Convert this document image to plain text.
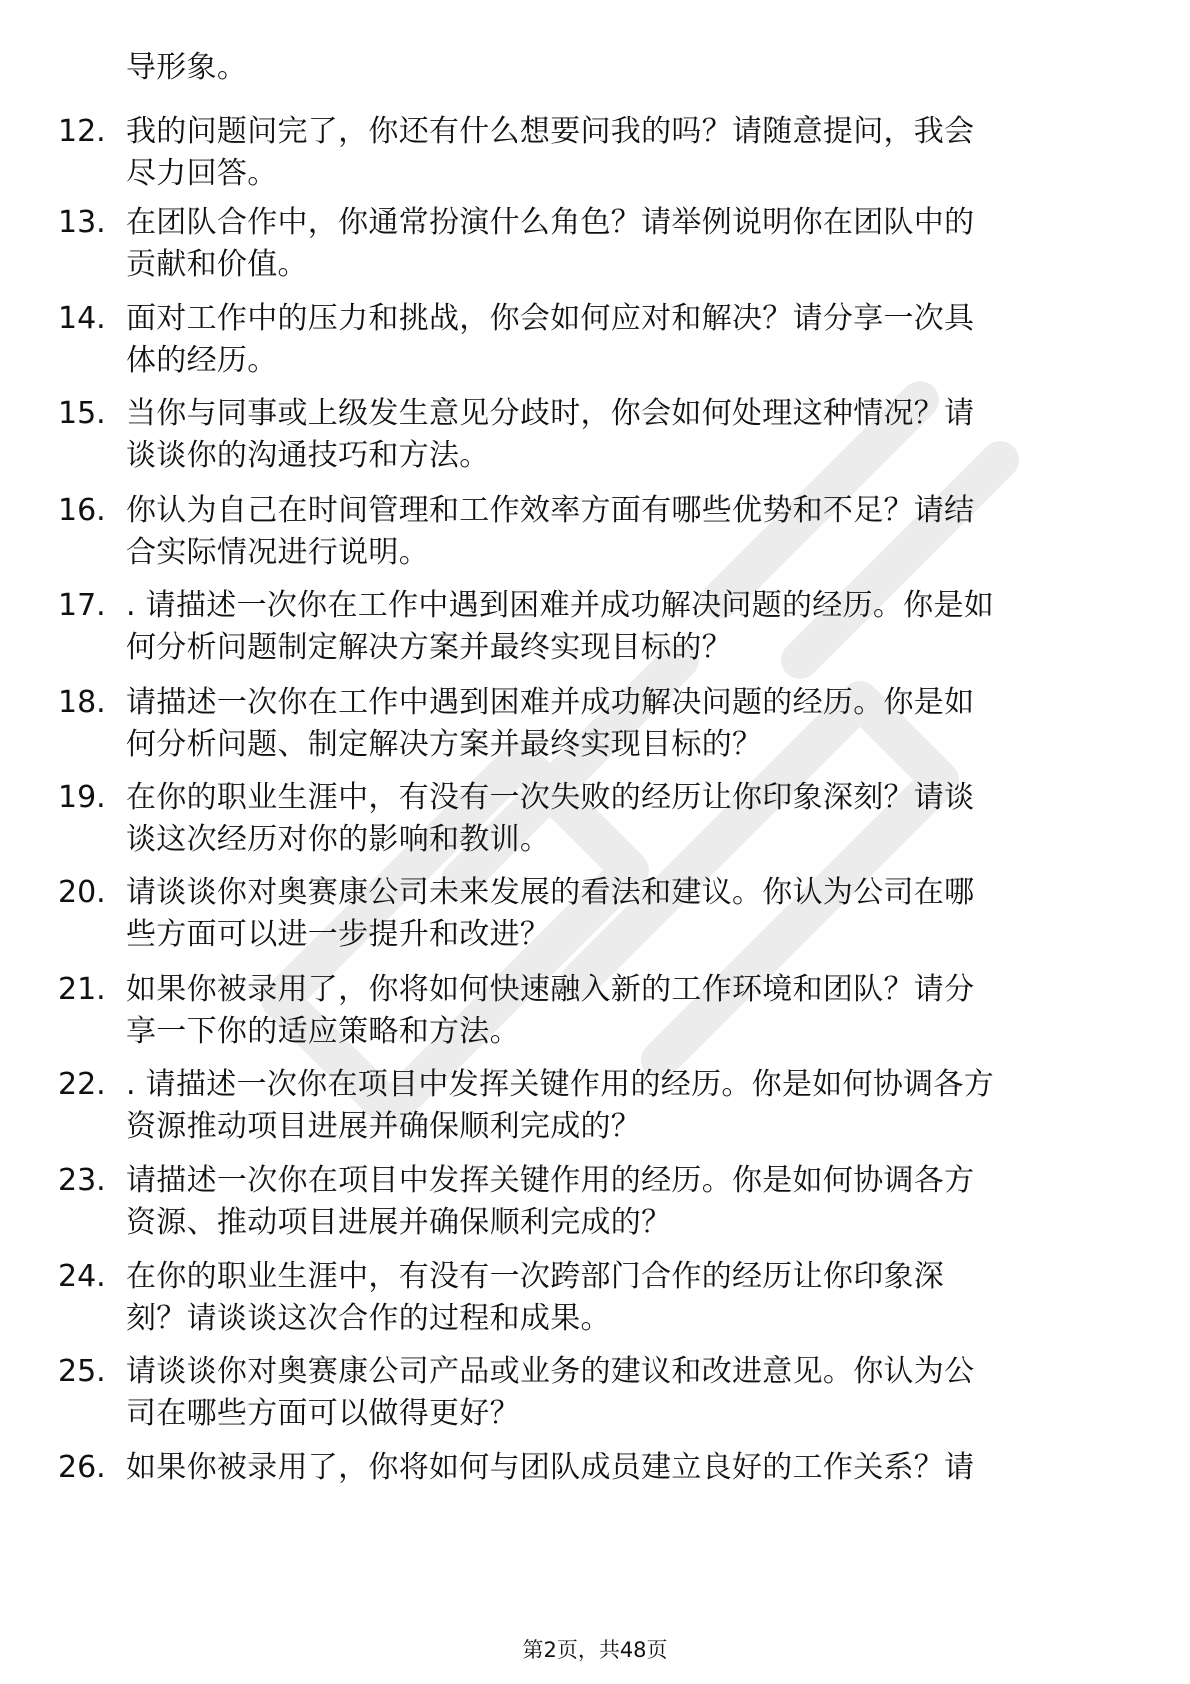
导形象。
12. 我的问题问完了，你还有什么想要问我的吗？请随意提问，我会
尽力回答。
13. 在团队合作中，你通常扮演什么角色？请举例说明你在团队中的
贡献和价值。
14. 面对工作中的压力和挑战，你会如何应对和解决？请分享一次具
体的经历。
15. 当你与同事或上级发生意见分歧时，你会如何处理这种情况？请
谈谈你的沟通技巧和方法。
16. 你认为自己在时间管理和工作效率方面有哪些优势和不足？请结
合实际情况进行说明。
17. . 请描述一次你在工作中遇到困难并成功解决问题的经历。你是如
何分析问题制定解决方案并最终实现目标的？
18. 请描述一次你在工作中遇到困难并成功解决问题的经历。你是如
何分析问题、制定解决方案并最终实现目标的？
19. 在你的职业生涯中，有没有一次失败的经历让你印象深刻？请谈
谈这次经历对你的影响和教训。
20. 请谈谈你对奥赛康公司未来发展的看法和建议。你认为公司在哪
些方面可以进一步提升和改进？
21. 如果你被录用了，你将如何快速融入新的工作环境和团队？请分
享一下你的适应策略和方法。
22. . 请描述一次你在项目中发挥关键作用的经历。你是如何协调各方
资源推动项目进展并确保顺利完成的？
23. 请描述一次你在项目中发挥关键作用的经历。你是如何协调各方
资源、推动项目进展并确保顺利完成的？
24. 在你的职业生涯中，有没有一次跨部门合作的经历让你印象深
刻？请谈谈这次合作的过程和成果。
25. 请谈谈你对奥赛康公司产品或业务的建议和改进意见。你认为公
司在哪些方面可以做得更好？
26. 如果你被录用了，你将如何与团队成员建立良好的工作关系？请
第2页，共48页
